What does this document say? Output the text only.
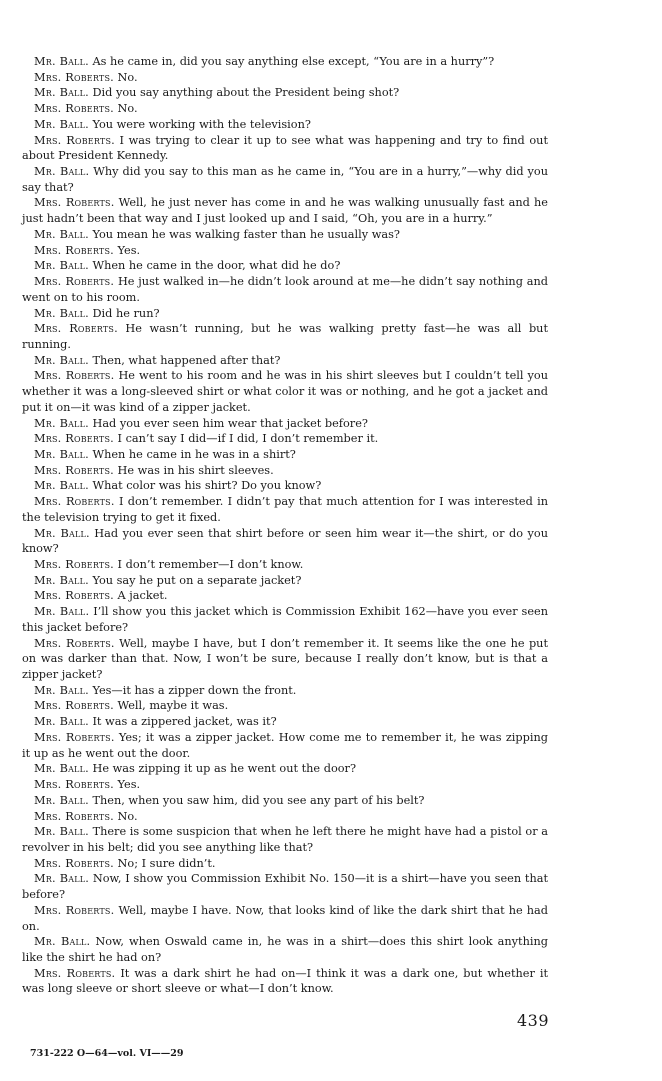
Mr. Ball. As he came in, did you say anything else except, “You are in a hurry”?

Mrs. Roberts. No.

Mr. Ball. Did you say anything about the President being shot?

Mrs. Roberts. No.

Mr. Ball. You were working with the television?

Mrs. Roberts. I was trying to clear it up to see what was happening and try to find out about President Kennedy.

Mr. Ball. Why did you say to this man as he came in, “You are in a hurry,”—why did you say that?

Mrs. Roberts. Well, he just never has come in and he was walking unusually fast and he just hadn’t been that way and I just looked up and I said, “Oh, you are in a hurry.”

Mr. Ball. You mean he was walking faster than he usually was?

Mrs. Roberts. Yes.

Mr. Ball. When he came in the door, what did he do?

Mrs. Roberts. He just walked in—he didn’t look around at me—he didn’t say nothing and went on to his room.

Mr. Ball. Did he run?

Mrs. Roberts. He wasn’t running, but he was walking pretty fast—he was all but running.

Mr. Ball. Then, what happened after that?

Mrs. Roberts. He went to his room and he was in his shirt sleeves but I couldn’t tell you whether it was a long-sleeved shirt or what color it was or nothing, and he got a jacket and put it on—it was kind of a zipper jacket.

Mr. Ball. Had you ever seen him wear that jacket before?

Mrs. Roberts. I can’t say I did—if I did, I don’t remember it.

Mr. Ball. When he came in he was in a shirt?

Mrs. Roberts. He was in his shirt sleeves.

Mr. Ball. What color was his shirt? Do you know?

Mrs. Roberts. I don’t remember. I didn’t pay that much attention for I was interested in the television trying to get it fixed.

Mr. Ball. Had you ever seen that shirt before or seen him wear it—the shirt, or do you know?

Mrs. Roberts. I don’t remember—I don’t know.

Mr. Ball. You say he put on a separate jacket?

Mrs. Roberts. A jacket.

Mr. Ball. I’ll show you this jacket which is Commission Exhibit 162—have you ever seen this jacket before?

Mrs. Roberts. Well, maybe I have, but I don’t remember it. It seems like the one he put on was darker than that. Now, I won’t be sure, because I really don’t know, but is that a zipper jacket?

Mr. Ball. Yes—it has a zipper down the front.

Mrs. Roberts. Well, maybe it was.

Mr. Ball. It was a zippered jacket, was it?

Mrs. Roberts. Yes; it was a zipper jacket. How come me to remember it, he was zipping it up as he went out the door.

Mr. Ball. He was zipping it up as he went out the door?

Mrs. Roberts. Yes.

Mr. Ball. Then, when you saw him, did you see any part of his belt?

Mrs. Roberts. No.

Mr. Ball. There is some suspicion that when he left there he might have had a pistol or a revolver in his belt; did you see anything like that?

Mrs. Roberts. No; I sure didn’t.

Mr. Ball. Now, I show you Commission Exhibit No. 150—it is a shirt—have you seen that before?

Mrs. Roberts. Well, maybe I have. Now, that looks kind of like the dark shirt that he had on.

Mr. Ball. Now, when Oswald came in, he was in a shirt—does this shirt look anything like the shirt he had on?

Mrs. Roberts. It was a dark shirt he had on—I think it was a dark one, but whether it was long sleeve or short sleeve or what—I don’t know.

439
731-222 O—64—vol. VI——29
